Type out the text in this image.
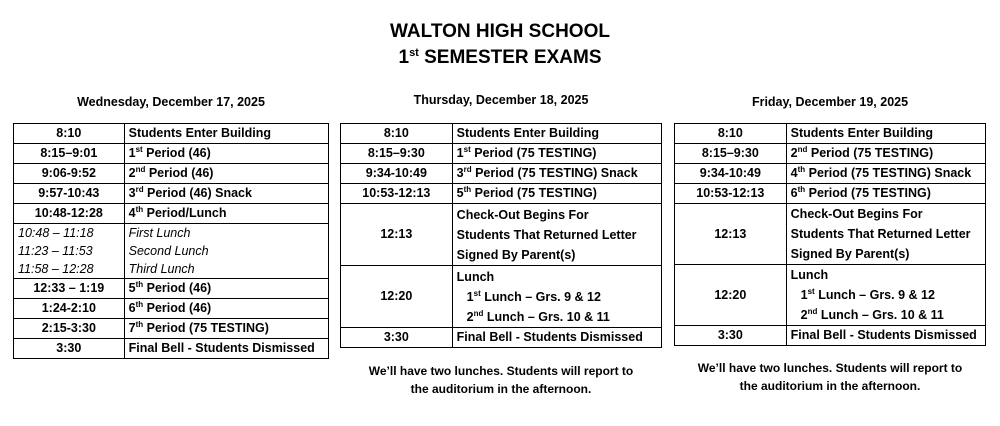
WALTON HIGH SCHOOL
1st SEMESTER EXAMS
Wednesday, December 17, 2025
8:10	Students Enter Building
8:15–9:01	1st Period (46)
9:06-9:52	2nd Period (46)
9:57-10:43	3rd Period (46) Snack
10:48-12:28	4th Period/Lunch
10:48 – 11:18	First Lunch
11:23 – 11:53	Second Lunch
11:58 – 12:28	Third Lunch
12:33 – 1:19	5th Period (46)
1:24-2:10	6th Period (46)
2:15-3:30	7th Period (75 TESTING)
3:30	Final Bell - Students Dismissed
Thursday, December 18, 2025
8:10	Students Enter Building
8:15–9:30	1st Period (75 TESTING)
9:34-10:49	3rd Period (75 TESTING) Snack
10:53-12:13	5th Period (75 TESTING)
12:13	Check-Out Begins For
Students That Returned Letter
Signed By Parent(s)

12:20	Lunch
1st Lunch – Grs. 9 & 12
2nd Lunch – Grs. 10 & 11

3:30	Final Bell - Students Dismissed
We’ll have two lunches. Students will report to
the auditorium in the afternoon.
Friday, December 19, 2025
8:10	Students Enter Building
8:15–9:30	2nd Period (75 TESTING)
9:34-10:49	4th Period (75 TESTING) Snack
10:53-12:13	6th Period (75 TESTING)
12:13	Check-Out Begins For
Students That Returned Letter
Signed By Parent(s)

12:20	Lunch
1st Lunch – Grs. 9 & 12
2nd Lunch – Grs. 10 & 11

3:30	Final Bell - Students Dismissed
We’ll have two lunches. Students will report to
the auditorium in the afternoon.
